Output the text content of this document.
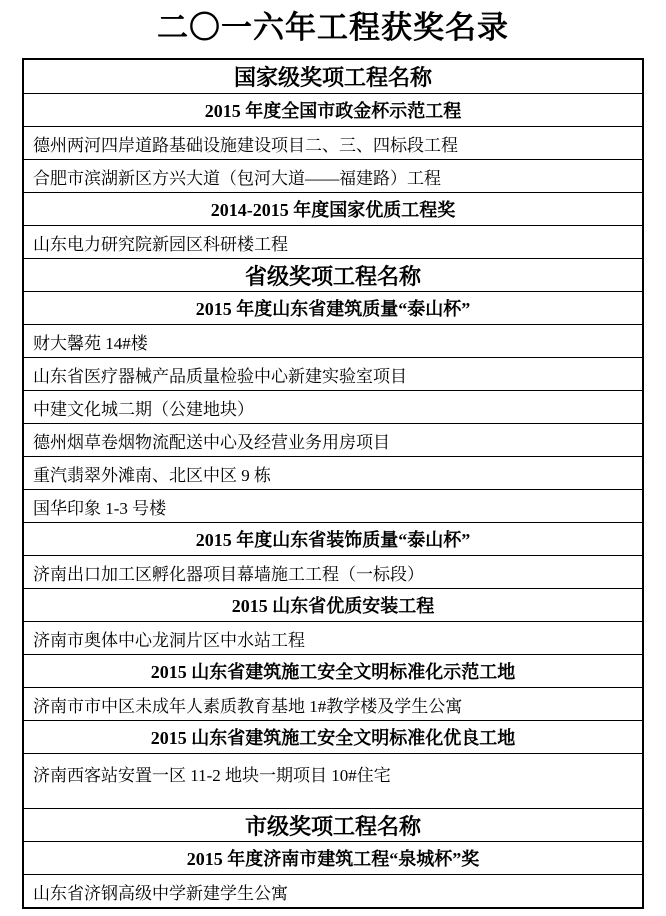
二〇一六年工程获奖名录
国家级奖项工程名称
2015 年度全国市政金杯示范工程
德州两河四岸道路基础设施建设项目二、三、四标段工程
合肥市滨湖新区方兴大道（包河大道——福建路）工程
2014-2015 年度国家优质工程奖
山东电力研究院新园区科研楼工程
省级奖项工程名称
2015 年度山东省建筑质量“泰山杯”
财大馨苑 14#楼
山东省医疗器械产品质量检验中心新建实验室项目
中建文化城二期（公建地块）
德州烟草卷烟物流配送中心及经营业务用房项目
重汽翡翠外滩南、北区中区 9 栋
国华印象 1-3 号楼
2015 年度山东省装饰质量“泰山杯”
济南出口加工区孵化器项目幕墙施工工程（一标段）
2015 山东省优质安装工程
济南市奥体中心龙洞片区中水站工程
2015 山东省建筑施工安全文明标准化示范工地
济南市市中区未成年人素质教育基地 1#教学楼及学生公寓
2015 山东省建筑施工安全文明标准化优良工地
济南西客站安置一区 11-2 地块一期项目 10#住宅
市级奖项工程名称
2015 年度济南市建筑工程“泉城杯”奖
山东省济钢高级中学新建学生公寓
